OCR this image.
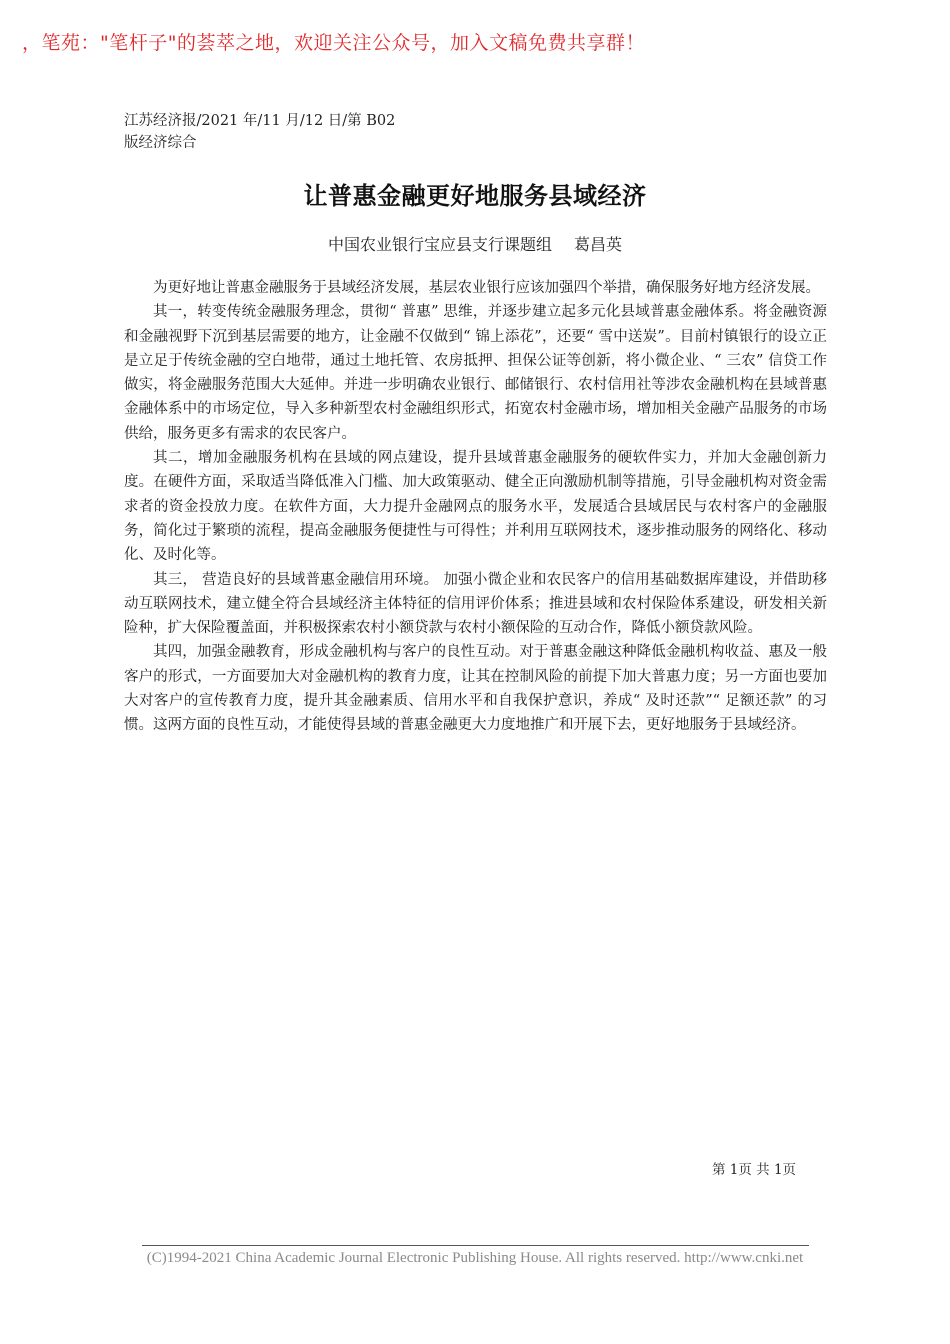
，笔苑："笔杆子"的荟萃之地，欢迎关注公众号，加入文稿免费共享群！
江苏经济报/2021 年/11 月/12 日/第 B02
版经济综合
让普惠金融更好地服务县域经济
中国农业银行宝应县支行课题组 葛昌英

为更好地让普惠金融服务于县域经济发展，基层农业银行应该加强四个举措，确保服务好地方经济发展。

其一，转变传统金融服务理念，贯彻“ 普惠” 思维，并逐步建立起多元化县域普惠金融体系。将金融资源和金融视野下沉到基层需要的地方，让金融不仅做到“ 锦上添花”，还要“ 雪中送炭”。目前村镇银行的设立正是立足于传统金融的空白地带，通过土地托管、农房抵押、担保公证等创新，将小微企业、“ 三农” 信贷工作做实，将金融服务范围大大延伸。并进一步明确农业银行、邮储银行、农村信用社等涉农金融机构在县域普惠金融体系中的市场定位，导入多种新型农村金融组织形式，拓宽农村金融市场，增加相关金融产品服务的市场供给，服务更多有需求的农民客户。

其二，增加金融服务机构在县域的网点建设，提升县域普惠金融服务的硬软件实力，并加大金融创新力度。在硬件方面，采取适当降低准入门槛、加大政策驱动、健全正向激励机制等措施，引导金融机构对资金需求者的资金投放力度。在软件方面，大力提升金融网点的服务水平，发展适合县域居民与农村客户的金融服务，简化过于繁琐的流程，提高金融服务便捷性与可得性；并利用互联网技术，逐步推动服务的网络化、移动化、及时化等。

其三， 营造良好的县域普惠金融信用环境。 加强小微企业和农民客户的信用基础数据库建设，并借助移动互联网技术，建立健全符合县域经济主体特征的信用评价体系；推进县域和农村保险体系建设，研发相关新险种，扩大保险覆盖面，并积极探索农村小额贷款与农村小额保险的互动合作，降低小额贷款风险。

其四，加强金融教育，形成金融机构与客户的良性互动。对于普惠金融这种降低金融机构收益、惠及一般客户的形式，一方面要加大对金融机构的教育力度，让其在控制风险的前提下加大普惠力度；另一方面也要加大对客户的宣传教育力度，提升其金融素质、信用水平和自我保护意识，养成“ 及时还款”“ 足额还款” 的习惯。这两方面的良性互动，才能使得县域的普惠金融更大力度地推广和开展下去，更好地服务于县域经济。

第 1页 共 1页
(C)1994-2021 China Academic Journal Electronic Publishing House. All rights reserved. http://www.cnki.net
